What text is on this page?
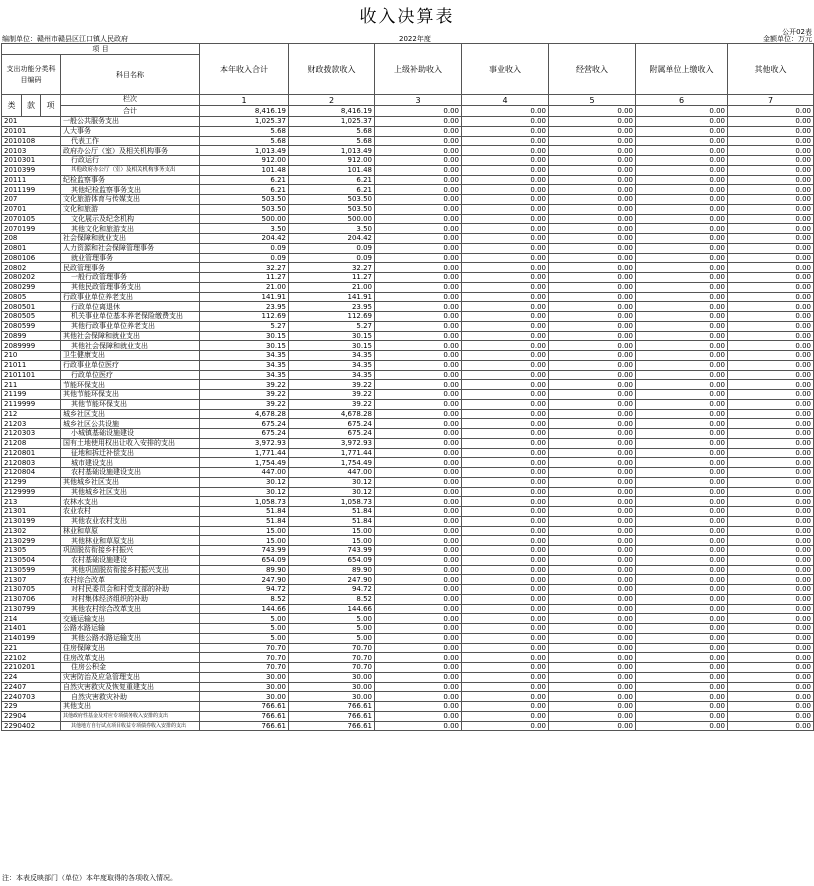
收入决算表
公开02表
编制单位：赣州市赣县区江口镇人民政府	2022年度	金额单位：万元
项 目				本年收入合计	财政拨款收入	上级补助收入	事业收入	经营收入	附属单位上缴收入	其他收入
支出功能分类科目编码			科目名称
栏次							

类	款	项		1	2	3	4	5	6	7
			合计	8,416.19	8,416.19	0.00	0.00	0.00	0.00	0.00
201			一般公共服务支出	1,025.37	1,025.37	0.00	0.00	0.00	0.00	0.00
20101			人大事务	5.68	5.68	0.00	0.00	0.00	0.00	0.00
2010108			代表工作	5.68	5.68	0.00	0.00	0.00	0.00	0.00
20103			政府办公厅（室）及相关机构事务	1,013.49	1,013.49	0.00	0.00	0.00	0.00	0.00
2010301			行政运行	912.00	912.00	0.00	0.00	0.00	0.00	0.00
2010399			其他政府办公厅（室）及相关机构事务支出	101.48	101.48	0.00	0.00	0.00	0.00	0.00
20111			纪检监察事务	6.21	6.21	0.00	0.00	0.00	0.00	0.00
2011199			其他纪检监察事务支出	6.21	6.21	0.00	0.00	0.00	0.00	0.00
207			文化旅游体育与传媒支出	503.50	503.50	0.00	0.00	0.00	0.00	0.00
20701			文化和旅游	503.50	503.50	0.00	0.00	0.00	0.00	0.00
2070105			文化展示及纪念机构	500.00	500.00	0.00	0.00	0.00	0.00	0.00
2070199			其他文化和旅游支出	3.50	3.50	0.00	0.00	0.00	0.00	0.00
208			社会保障和就业支出	204.42	204.42	0.00	0.00	0.00	0.00	0.00
20801			人力资源和社会保障管理事务	0.09	0.09	0.00	0.00	0.00	0.00	0.00
2080106			就业管理事务	0.09	0.09	0.00	0.00	0.00	0.00	0.00
20802			民政管理事务	32.27	32.27	0.00	0.00	0.00	0.00	0.00
2080202			一般行政管理事务	11.27	11.27	0.00	0.00	0.00	0.00	0.00
2080299			其他民政管理事务支出	21.00	21.00	0.00	0.00	0.00	0.00	0.00
20805			行政事业单位养老支出	141.91	141.91	0.00	0.00	0.00	0.00	0.00
2080501			行政单位离退休	23.95	23.95	0.00	0.00	0.00	0.00	0.00
2080505			机关事业单位基本养老保险缴费支出	112.69	112.69	0.00	0.00	0.00	0.00	0.00
2080599			其他行政事业单位养老支出	5.27	5.27	0.00	0.00	0.00	0.00	0.00
20899			其他社会保障和就业支出	30.15	30.15	0.00	0.00	0.00	0.00	0.00
2089999			其他社会保障和就业支出	30.15	30.15	0.00	0.00	0.00	0.00	0.00
210			卫生健康支出	34.35	34.35	0.00	0.00	0.00	0.00	0.00
21011			行政事业单位医疗	34.35	34.35	0.00	0.00	0.00	0.00	0.00
2101101			行政单位医疗	34.35	34.35	0.00	0.00	0.00	0.00	0.00
211			节能环保支出	39.22	39.22	0.00	0.00	0.00	0.00	0.00
21199			其他节能环保支出	39.22	39.22	0.00	0.00	0.00	0.00	0.00
2119999			其他节能环保支出	39.22	39.22	0.00	0.00	0.00	0.00	0.00
212			城乡社区支出	4,678.28	4,678.28	0.00	0.00	0.00	0.00	0.00
21203			城乡社区公共设施	675.24	675.24	0.00	0.00	0.00	0.00	0.00
2120303			小城镇基础设施建设	675.24	675.24	0.00	0.00	0.00	0.00	0.00
21208			国有土地使用权出让收入安排的支出	3,972.93	3,972.93	0.00	0.00	0.00	0.00	0.00
2120801			征地和拆迁补偿支出	1,771.44	1,771.44	0.00	0.00	0.00	0.00	0.00
2120803			城市建设支出	1,754.49	1,754.49	0.00	0.00	0.00	0.00	0.00
2120804			农村基础设施建设支出	447.00	447.00	0.00	0.00	0.00	0.00	0.00
21299			其他城乡社区支出	30.12	30.12	0.00	0.00	0.00	0.00	0.00
2129999			其他城乡社区支出	30.12	30.12	0.00	0.00	0.00	0.00	0.00
213			农林水支出	1,058.73	1,058.73	0.00	0.00	0.00	0.00	0.00
21301			农业农村	51.84	51.84	0.00	0.00	0.00	0.00	0.00
2130199			其他农业农村支出	51.84	51.84	0.00	0.00	0.00	0.00	0.00
21302			林业和草原	15.00	15.00	0.00	0.00	0.00	0.00	0.00
2130299			其他林业和草原支出	15.00	15.00	0.00	0.00	0.00	0.00	0.00
21305			巩固脱贫衔接乡村振兴	743.99	743.99	0.00	0.00	0.00	0.00	0.00
2130504			农村基础设施建设	654.09	654.09	0.00	0.00	0.00	0.00	0.00
2130599			其他巩固脱贫衔接乡村振兴支出	89.90	89.90	0.00	0.00	0.00	0.00	0.00
21307			农村综合改革	247.90	247.90	0.00	0.00	0.00	0.00	0.00
2130705			对村民委员会和村党支部的补助	94.72	94.72	0.00	0.00	0.00	0.00	0.00
2130706			对村集体经济组织的补助	8.52	8.52	0.00	0.00	0.00	0.00	0.00
2130799			其他农村综合改革支出	144.66	144.66	0.00	0.00	0.00	0.00	0.00
214			交通运输支出	5.00	5.00	0.00	0.00	0.00	0.00	0.00
21401			公路水路运输	5.00	5.00	0.00	0.00	0.00	0.00	0.00
2140199			其他公路水路运输支出	5.00	5.00	0.00	0.00	0.00	0.00	0.00
221			住房保障支出	70.70	70.70	0.00	0.00	0.00	0.00	0.00
22102			住房改革支出	70.70	70.70	0.00	0.00	0.00	0.00	0.00
2210201			住房公积金	70.70	70.70	0.00	0.00	0.00	0.00	0.00
224			灾害防治及应急管理支出	30.00	30.00	0.00	0.00	0.00	0.00	0.00
22407			自然灾害救灾及恢复重建支出	30.00	30.00	0.00	0.00	0.00	0.00	0.00
2240703			自然灾害救灾补助	30.00	30.00	0.00	0.00	0.00	0.00	0.00
229			其他支出	766.61	766.61	0.00	0.00	0.00	0.00	0.00
22904			其他政府性基金及对应专项债务收入安排的支出	766.61	766.61	0.00	0.00	0.00	0.00	0.00
2290402			其他地方自行试点项目收益专项债券收入安排的支出	766.61	766.61	0.00	0.00	0.00	0.00	0.00
注：本表反映部门（单位）本年度取得的各项收入情况。
